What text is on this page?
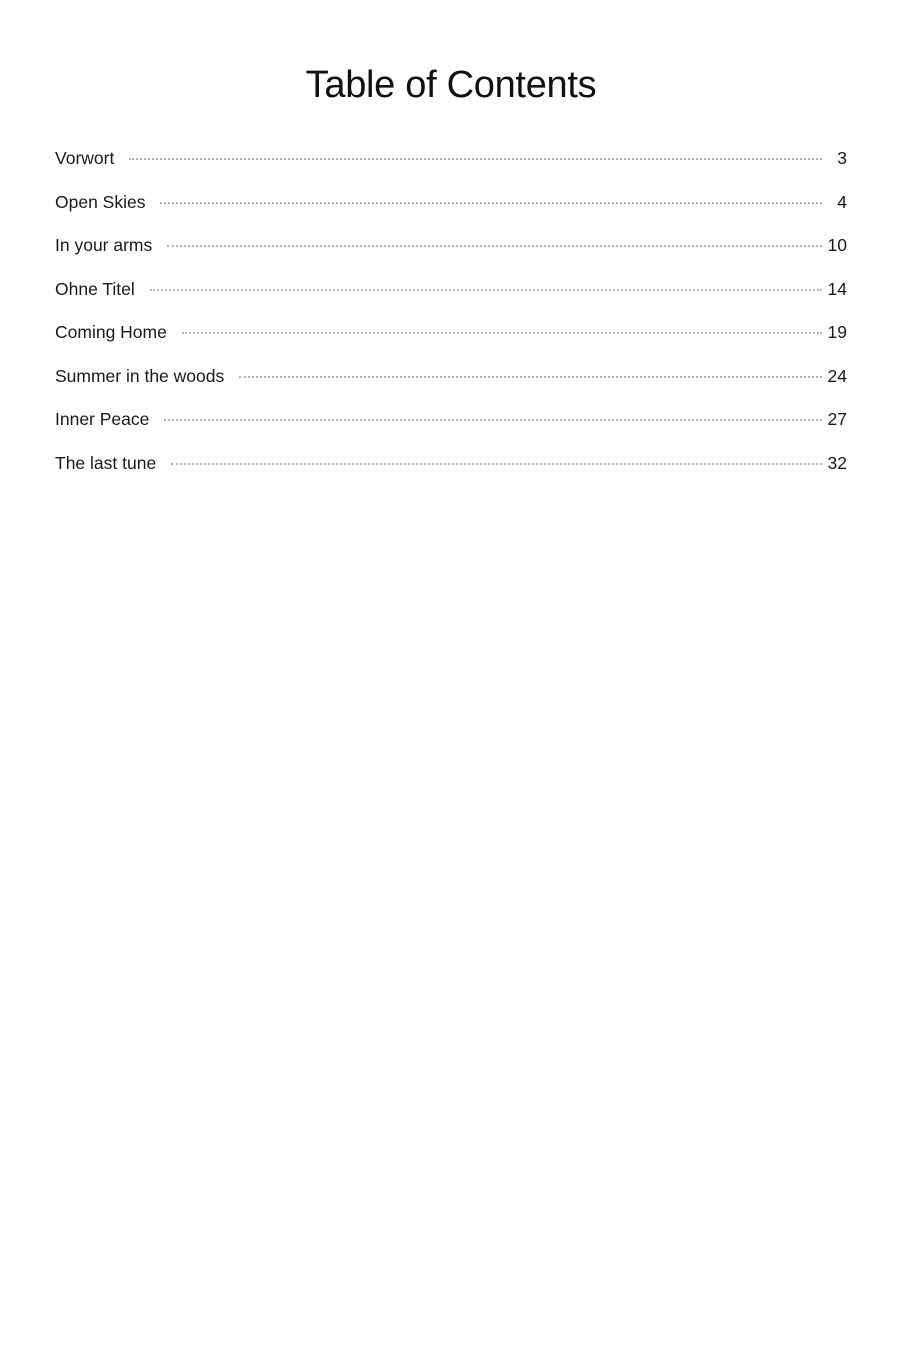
Table of Contents
Vorwort	3
Open Skies	4
In your arms	10
Ohne Titel	14
Coming Home	19
Summer in the woods	24
Inner Peace	27
The last tune	32
